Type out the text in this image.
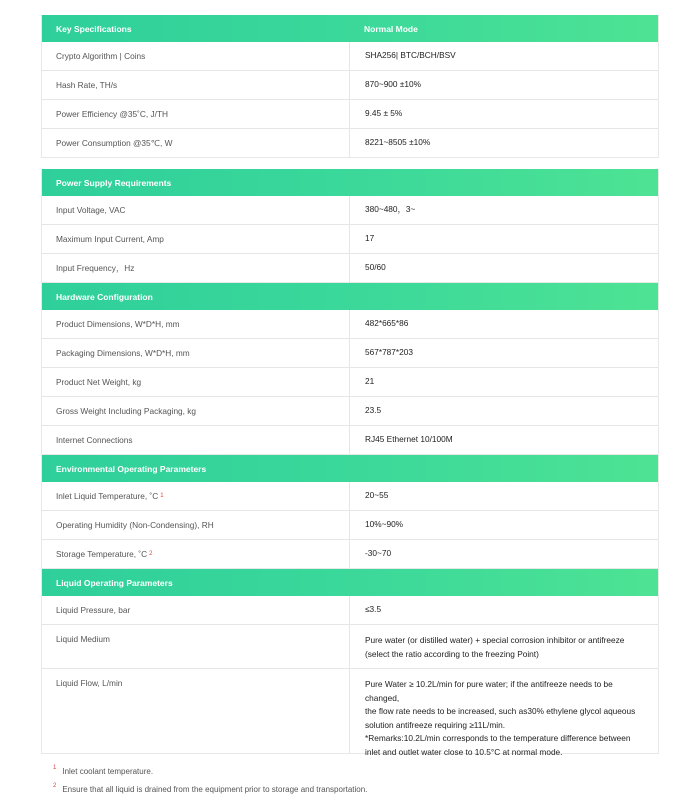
Key Specifications	Normal Mode
Crypto Algorithm | Coins	SHA256| BTC/BCH/BSV
Hash Rate, TH/s	870~900 ±10%
Power Efficiency @35˚C, J/TH	9.45 ± 5%
Power Consumption @35℃, W	8221~8505 ±10%
Power Supply Requirements
Input Voltage, VAC	380~480，3~
Maximum Input Current, Amp	17
Input Frequency，Hz	50/60
Hardware Configuration
Product Dimensions, W*D*H, mm	482*665*86
Packaging Dimensions, W*D*H, mm	567*787*203
Product Net Weight, kg	21
Gross Weight Including Packaging, kg	23.5
Internet Connections	RJ45 Ethernet 10/100M
Environmental Operating Parameters
Inlet Liquid Temperature, ˚C 1	20~55
Operating Humidity (Non-Condensing), RH	10%~90%
Storage Temperature, ˚C 2	-30~70
Liquid Operating Parameters
Liquid Pressure, bar	≤3.5
Liquid Medium	Pure water (or distilled water) + special corrosion inhibitor or antifreeze (select the ratio according to the freezing Point)
Liquid Flow, L/min	Pure Water ≥ 10.2L/min for pure water; if the antifreeze needs to be changed,
the flow rate needs to be increased, such as30% ethylene glycol aqueous
solution antifreeze requiring ≥11L/min.
*Remarks:10.2L/min corresponds to the temperature difference between
inlet and outlet water close to 10.5°C at normal mode.
1 Inlet coolant temperature.
2 Ensure that all liquid is drained from the equipment prior to storage and transportation.
